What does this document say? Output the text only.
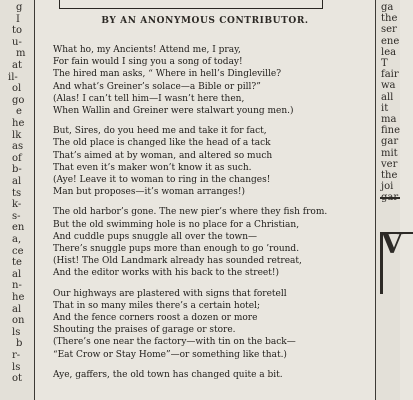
g
I
to
u-
m
at
il-
ol
go
e
he
lk
as
of
b-
al
ts
k-
s-
en
a,
ce
te
al
n-
he
al
on
ls
b
r-
ls
ot
BY AN ANONYMOUS CONTRIBUTOR.
What ho, my Ancients! Attend me, I pray,
For fain would I sing you a song of today!
The hired man asks, “ Where in hell’s Dingleville?
And what’s Greiner’s solace—a Bible or pill?”
(Alas! I can’t tell him—I wasn’t here then,
When Wallin and Greiner were stalwart young men.)
But, Sires, do you heed me and take it for fact,
The old place is changed like the head of a tack
That’s aimed at by woman, and altered so much
That even it’s maker won’t know it as such.
(Aye! Leave it to woman to ring in the changes!
Man but proposes—it’s woman arranges!)
The old harbor’s gone. The new pier’s where they fish from.
But the old swimming hole is no place for a Christian,
And cuddle pups snuggle all over the town—
There’s snuggle pups more than enough to go ’round.
(Hist! The Old Landmark already has sounded retreat,
And the editor works with his back to the street!)
Our highways are plastered with signs that foretell
That in so many miles there’s a certain hotel;
And the fence corners roost a dozen or more
Shouting the praises of garage or store.
(There’s one near the factory—with tin on the back—
“Eat Crow or Stay Home”—or something like that.)
Aye, gaffers, the old town has changed quite a bit.
ga
the
ser
ene
lea
T
fair
wa
all
it
ma
fine
gar
mit
ver
the
joi
V
